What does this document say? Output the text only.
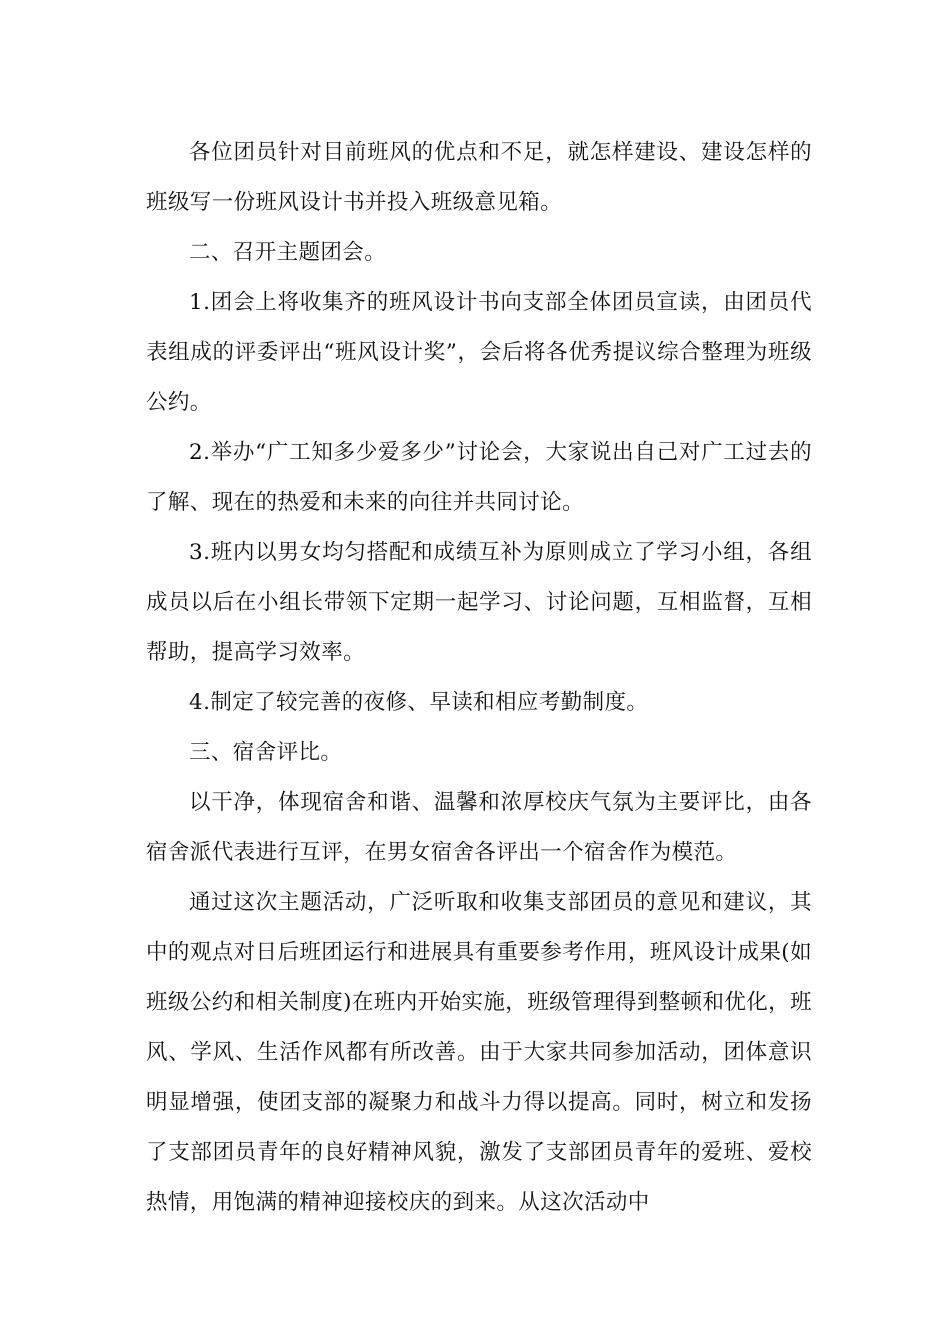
各位团员针对目前班风的优点和不足，就怎样建设、建设怎样的班级写一份班风设计书并投入班级意见箱。

二、召开主题团会。

1.团会上将收集齐的班风设计书向支部全体团员宣读，由团员代表组成的评委评出“班风设计奖”，会后将各优秀提议综合整理为班级公约。

2.举办“广工知多少爱多少”讨论会，大家说出自己对广工过去的了解、现在的热爱和未来的向往并共同讨论。

3.班内以男女均匀搭配和成绩互补为原则成立了学习小组，各组成员以后在小组长带领下定期一起学习、讨论问题，互相监督，互相帮助，提高学习效率。

4.制定了较完善的夜修、早读和相应考勤制度。

三、宿舍评比。

以干净，体现宿舍和谐、温馨和浓厚校庆气氛为主要评比，由各宿舍派代表进行互评，在男女宿舍各评出一个宿舍作为模范。

通过这次主题活动，广泛听取和收集支部团员的意见和建议，其中的观点对日后班团运行和进展具有重要参考作用，班风设计成果(如班级公约和相关制度)在班内开始实施，班级管理得到整顿和优化，班风、学风、生活作风都有所改善。由于大家共同参加活动，团体意识明显增强，使团支部的凝聚力和战斗力得以提高。同时，树立和发扬了支部团员青年的良好精神风貌，激发了支部团员青年的爱班、爱校热情，用饱满的精神迎接校庆的到来。从这次活动中
